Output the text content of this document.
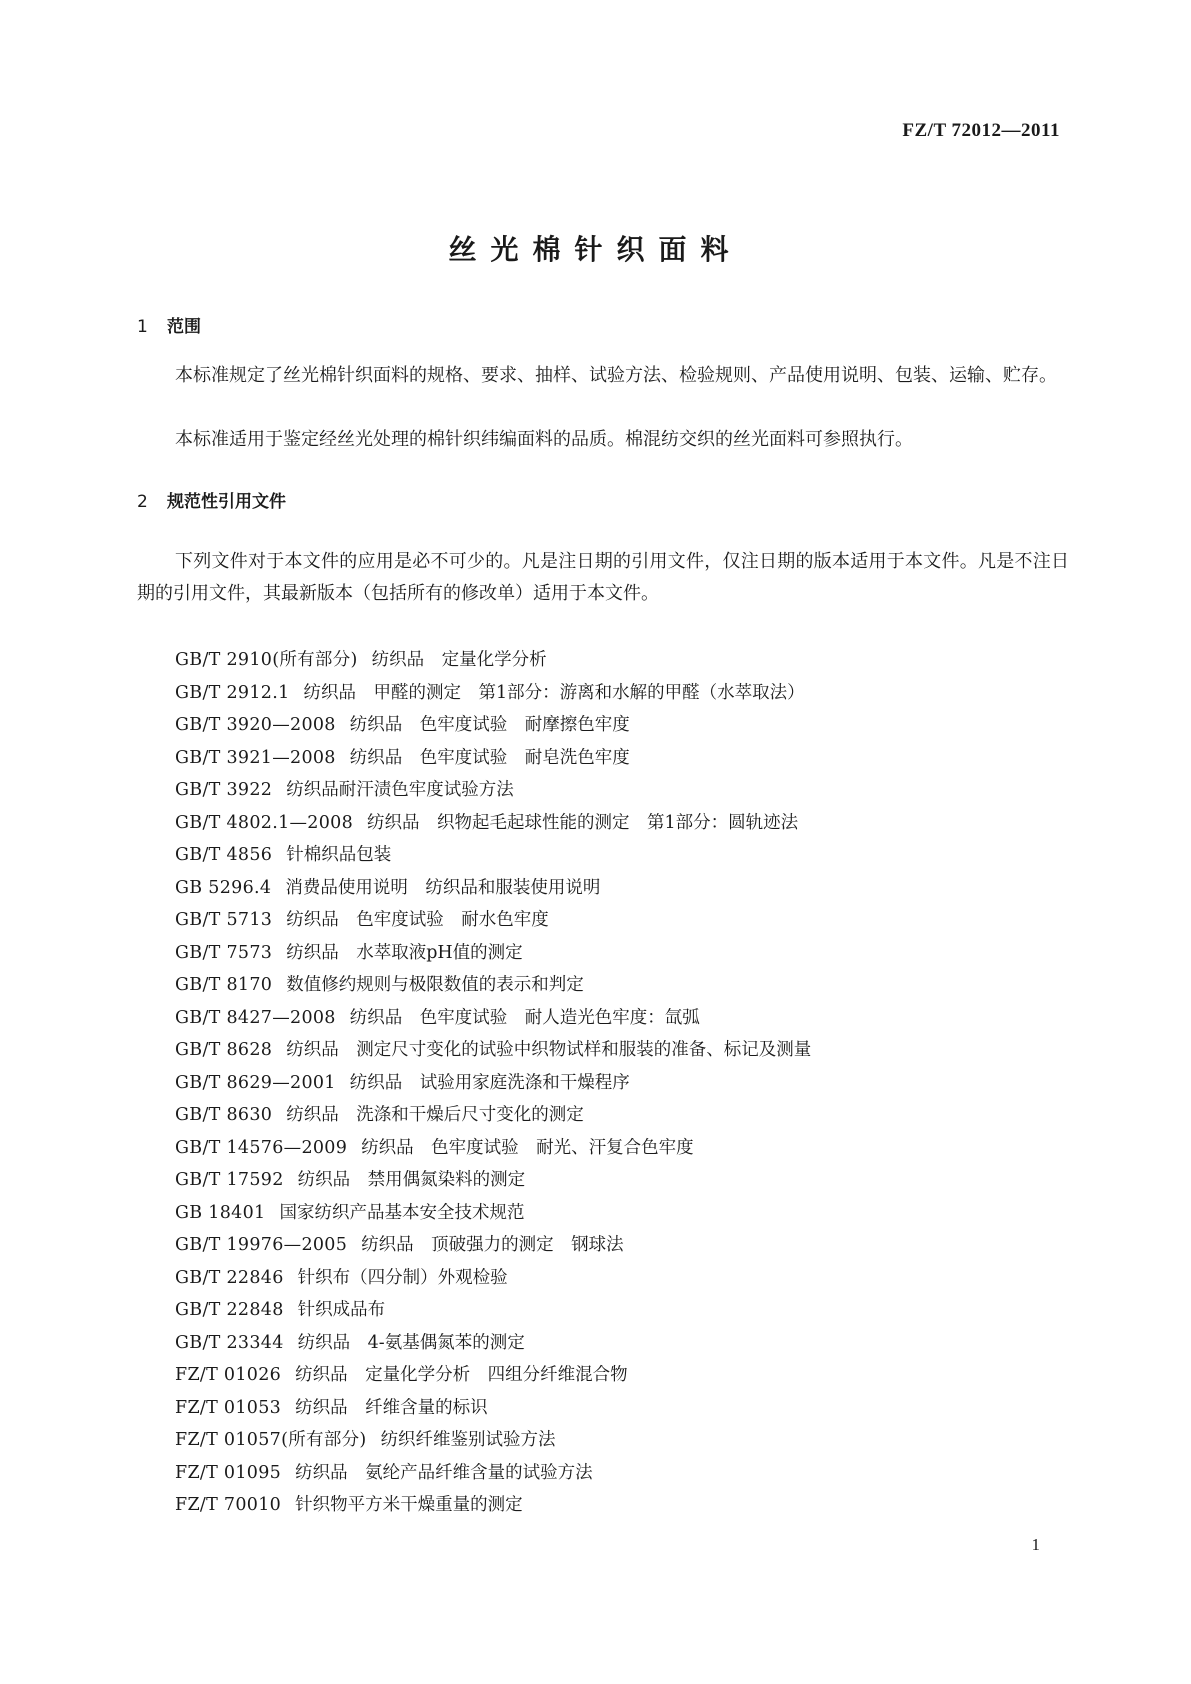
FZ/T 72012—2011
丝光棉针织面料
1 范围

本标准规定了丝光棉针织面料的规格、要求、抽样、试验方法、检验规则、产品使用说明、包装、运输、贮存。

本标准适用于鉴定经丝光处理的棉针织纬编面料的品质。棉混纺交织的丝光面料可参照执行。

2 规范性引用文件

下列文件对于本文件的应用是必不可少的。凡是注日期的引用文件，仅注日期的版本适用于本文件。凡是不注日期的引用文件，其最新版本（包括所有的修改单）适用于本文件。

GB/T 2910(所有部分) 纺织品　定量化学分析
GB/T 2912.1 纺织品　甲醛的测定　第1部分：游离和水解的甲醛（水萃取法）
GB/T 3920—2008 纺织品　色牢度试验　耐摩擦色牢度
GB/T 3921—2008 纺织品　色牢度试验　耐皂洗色牢度
GB/T 3922 纺织品耐汗渍色牢度试验方法
GB/T 4802.1—2008 纺织品　织物起毛起球性能的测定　第1部分：圆轨迹法
GB/T 4856 针棉织品包装
GB 5296.4 消费品使用说明　纺织品和服装使用说明
GB/T 5713 纺织品　色牢度试验　耐水色牢度
GB/T 7573 纺织品　水萃取液pH值的测定
GB/T 8170 数值修约规则与极限数值的表示和判定
GB/T 8427—2008 纺织品　色牢度试验　耐人造光色牢度：氙弧
GB/T 8628 纺织品　测定尺寸变化的试验中织物试样和服装的准备、标记及测量
GB/T 8629—2001 纺织品　试验用家庭洗涤和干燥程序
GB/T 8630 纺织品　洗涤和干燥后尺寸变化的测定
GB/T 14576—2009 纺织品　色牢度试验　耐光、汗复合色牢度
GB/T 17592 纺织品　禁用偶氮染料的测定
GB 18401 国家纺织产品基本安全技术规范
GB/T 19976—2005 纺织品　顶破强力的测定　钢球法
GB/T 22846 针织布（四分制）外观检验
GB/T 22848 针织成品布
GB/T 23344 纺织品　4-氨基偶氮苯的测定
FZ/T 01026 纺织品　定量化学分析　四组分纤维混合物
FZ/T 01053 纺织品　纤维含量的标识
FZ/T 01057(所有部分) 纺织纤维鉴别试验方法
FZ/T 01095 纺织品　氨纶产品纤维含量的试验方法
FZ/T 70010 针织物平方米干燥重量的测定
1
